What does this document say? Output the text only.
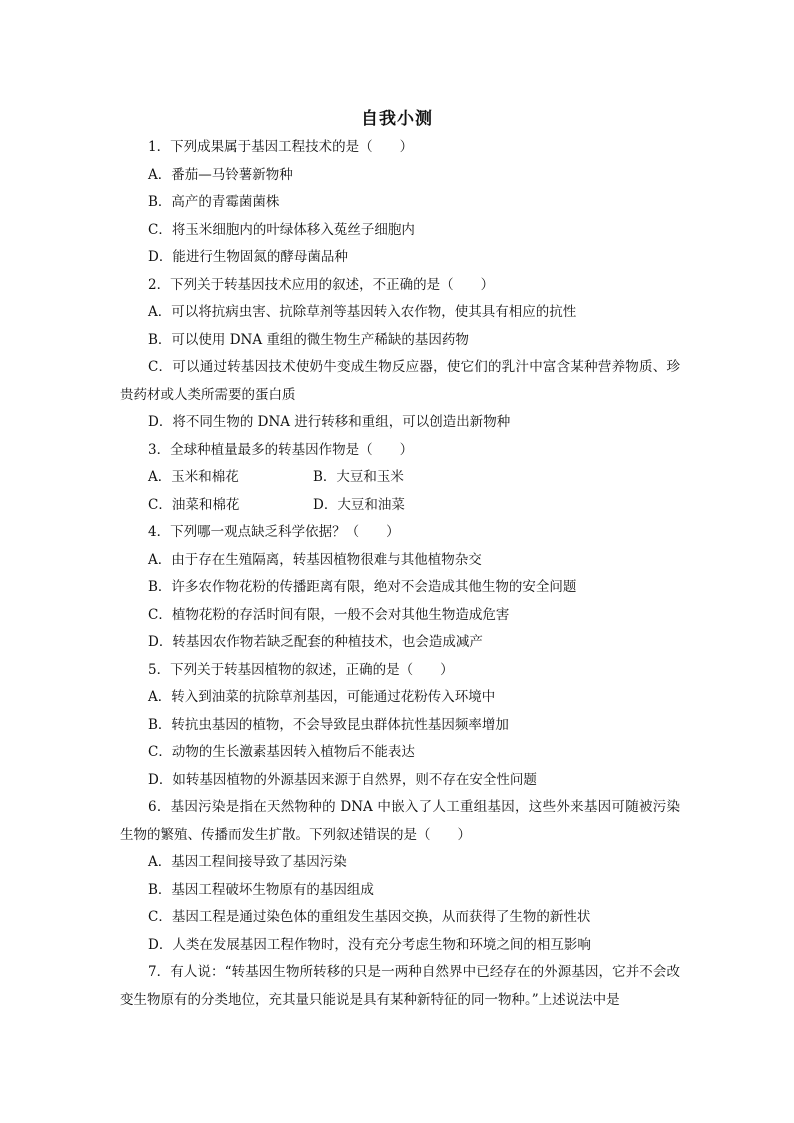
自我小测
1．下列成果属于基因工程技术的是（　　）
A．番茄—马铃薯新物种
B．高产的青霉菌菌株
C．将玉米细胞内的叶绿体移入菟丝子细胞内
D．能进行生物固氮的酵母菌品种
2．下列关于转基因技术应用的叙述，不正确的是（　　）
A．可以将抗病虫害、抗除草剂等基因转入农作物，使其具有相应的抗性
B．可以使用 DNA 重组的微生物生产稀缺的基因药物
C．可以通过转基因技术使奶牛变成生物反应器，使它们的乳汁中富含某种营养物质、珍贵药材或人类所需要的蛋白质
D．将不同生物的 DNA 进行转移和重组，可以创造出新物种
3．全球种植量最多的转基因作物是（　　）
A．玉米和棉花	B．大豆和玉米
C．油菜和棉花	D．大豆和油菜
4．下列哪一观点缺乏科学依据？（　　）
A．由于存在生殖隔离，转基因植物很难与其他植物杂交
B．许多农作物花粉的传播距离有限，绝对不会造成其他生物的安全问题
C．植物花粉的存活时间有限，一般不会对其他生物造成危害
D．转基因农作物若缺乏配套的种植技术，也会造成减产
5．下列关于转基因植物的叙述，正确的是（　　）
A．转入到油菜的抗除草剂基因，可能通过花粉传入环境中
B．转抗虫基因的植物，不会导致昆虫群体抗性基因频率增加
C．动物的生长激素基因转入植物后不能表达
D．如转基因植物的外源基因来源于自然界，则不存在安全性问题
6．基因污染是指在天然物种的 DNA 中嵌入了人工重组基因，这些外来基因可随被污染生物的繁殖、传播而发生扩散。下列叙述错误的是（　　）
A．基因工程间接导致了基因污染
B．基因工程破坏生物原有的基因组成
C．基因工程是通过染色体的重组发生基因交换，从而获得了生物的新性状
D．人类在发展基因工程作物时，没有充分考虑生物和环境之间的相互影响
7．有人说：“转基因生物所转移的只是一两种自然界中已经存在的外源基因，它并不会改变生物原有的分类地位，充其量只能说是具有某种新特征的同一物种。”上述说法中是
